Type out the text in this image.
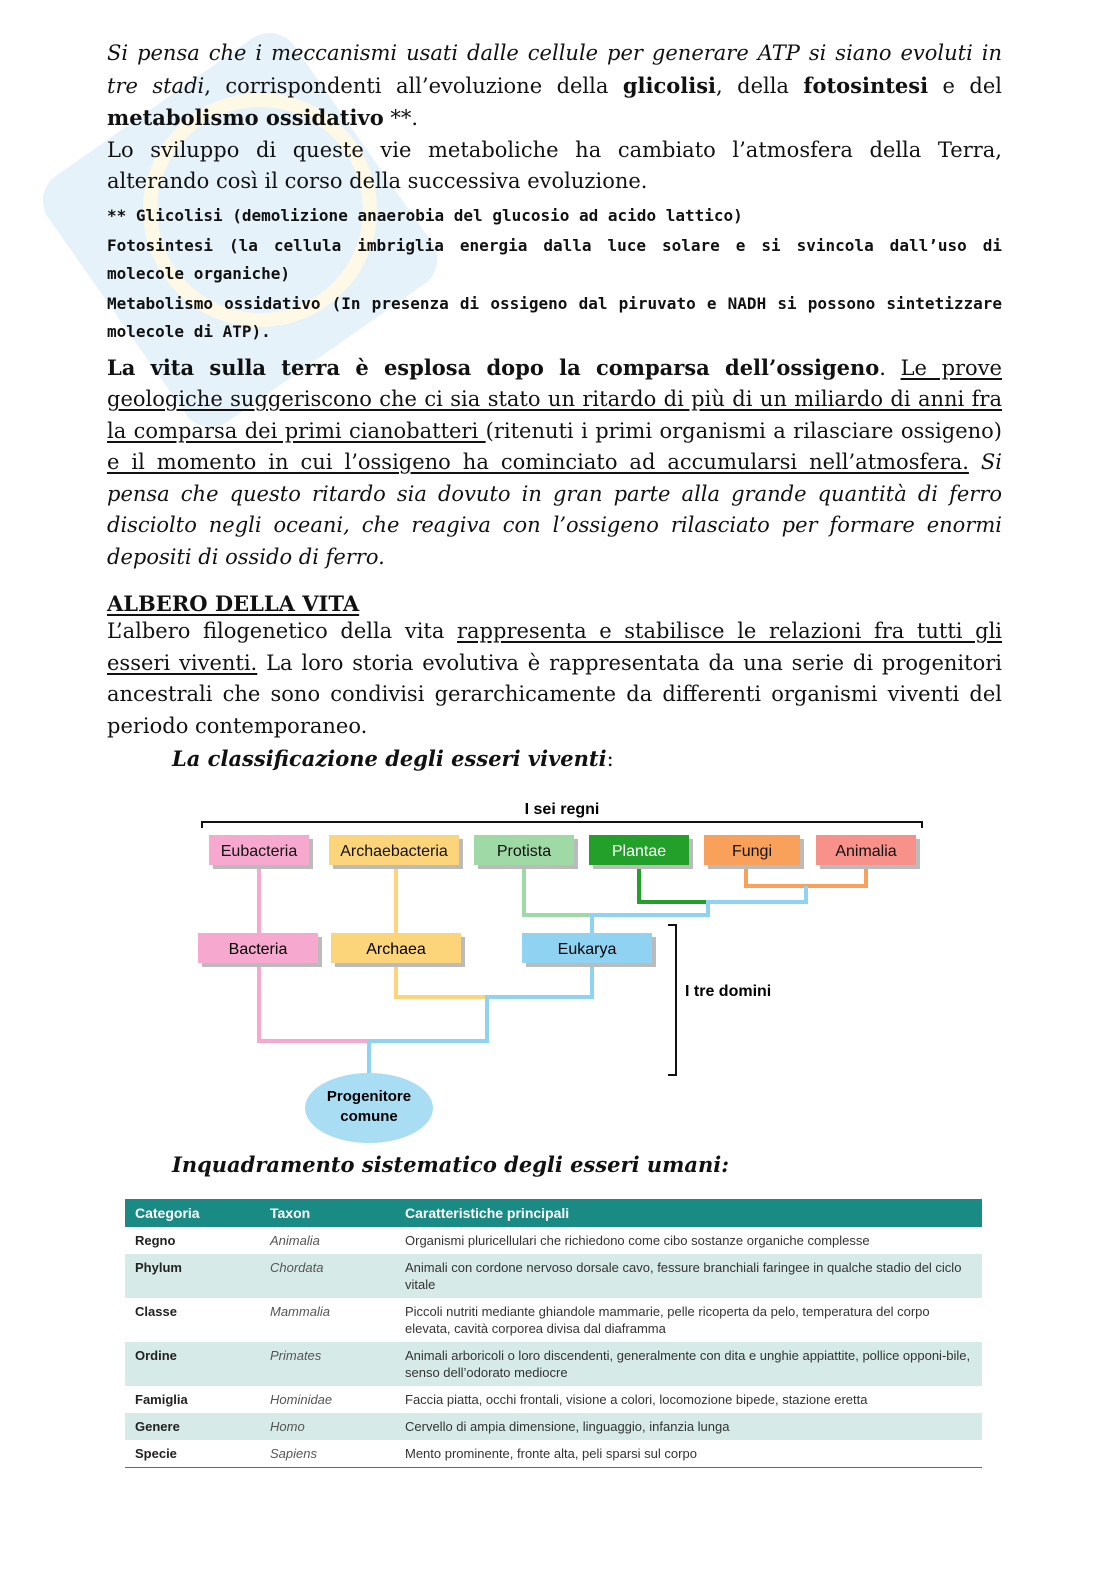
Si pensa che i meccanismi usati dalle cellule per generare ATP si siano evoluti in tre stadi, corrispondenti all’evoluzione della glicolisi, della fotosintesi e del metabolismo ossidativo **.

Lo sviluppo di queste vie metaboliche ha cambiato l’atmosfera della Terra, alterando così il corso della successiva evoluzione.

** Glicolisi (demolizione anaerobia del glucosio ad acido lattico)
Fotosintesi (la cellula imbriglia energia dalla luce solare e si svincola dall’uso di molecole organiche)
Metabolismo ossidativo (In presenza di ossigeno dal piruvato e NADH si possono sintetizzare molecole di ATP).

La vita sulla terra è esplosa dopo la comparsa dell’ossigeno. Le prove geologiche suggeriscono che ci sia stato un ritardo di più di un miliardo di anni fra la comparsa dei primi cianobatteri (ritenuti i primi organismi a rilasciare ossigeno) e il momento in cui l’ossigeno ha cominciato ad accumularsi nell’atmosfera. Si pensa che questo ritardo sia dovuto in gran parte alla grande quantità di ferro disciolto negli oceani, che reagiva con l’ossigeno rilasciato per formare enormi depositi di ossido di ferro.

ALBERO DELLA VITA

L’albero filogenetico della vita rappresenta e stabilisce le relazioni fra tutti gli esseri viventi. La loro storia evolutiva è rappresentata da una serie di progenitori ancestrali che sono condivisi gerarchicamente da differenti organismi viventi del periodo contemporaneo.

La classificazione degli esseri viventi:
I sei regni
I tre domini
Eubacteria	Archaebacteria	Protista	Plantae	Fungi	Animalia
Bacteria	Archaea	Eukarya
Progenitore
comune
Inquadramento sistematico degli esseri umani:
Categoria	Taxon	Caratteristiche principali
Regno	Animalia	Organismi pluricellulari che richiedono come cibo sostanze organiche complesse
Phylum	Chordata	Animali con cordone nervoso dorsale cavo, fessure branchiali faringee in qualche stadio del ciclo vitale
Classe	Mammalia	Piccoli nutriti mediante ghiandole mammarie, pelle ricoperta da pelo, temperatura del corpo elevata, cavità corporea divisa dal diaframma
Ordine	Primates	Animali arboricoli o loro discendenti, generalmente con dita e unghie appiattite, pollice opponi-bile, senso dell’odorato mediocre
Famiglia	Hominidae	Faccia piatta, occhi frontali, visione a colori, locomozione bipede, stazione eretta
Genere	Homo	Cervello di ampia dimensione, linguaggio, infanzia lunga
Specie	Sapiens	Mento prominente, fronte alta, peli sparsi sul corpo
